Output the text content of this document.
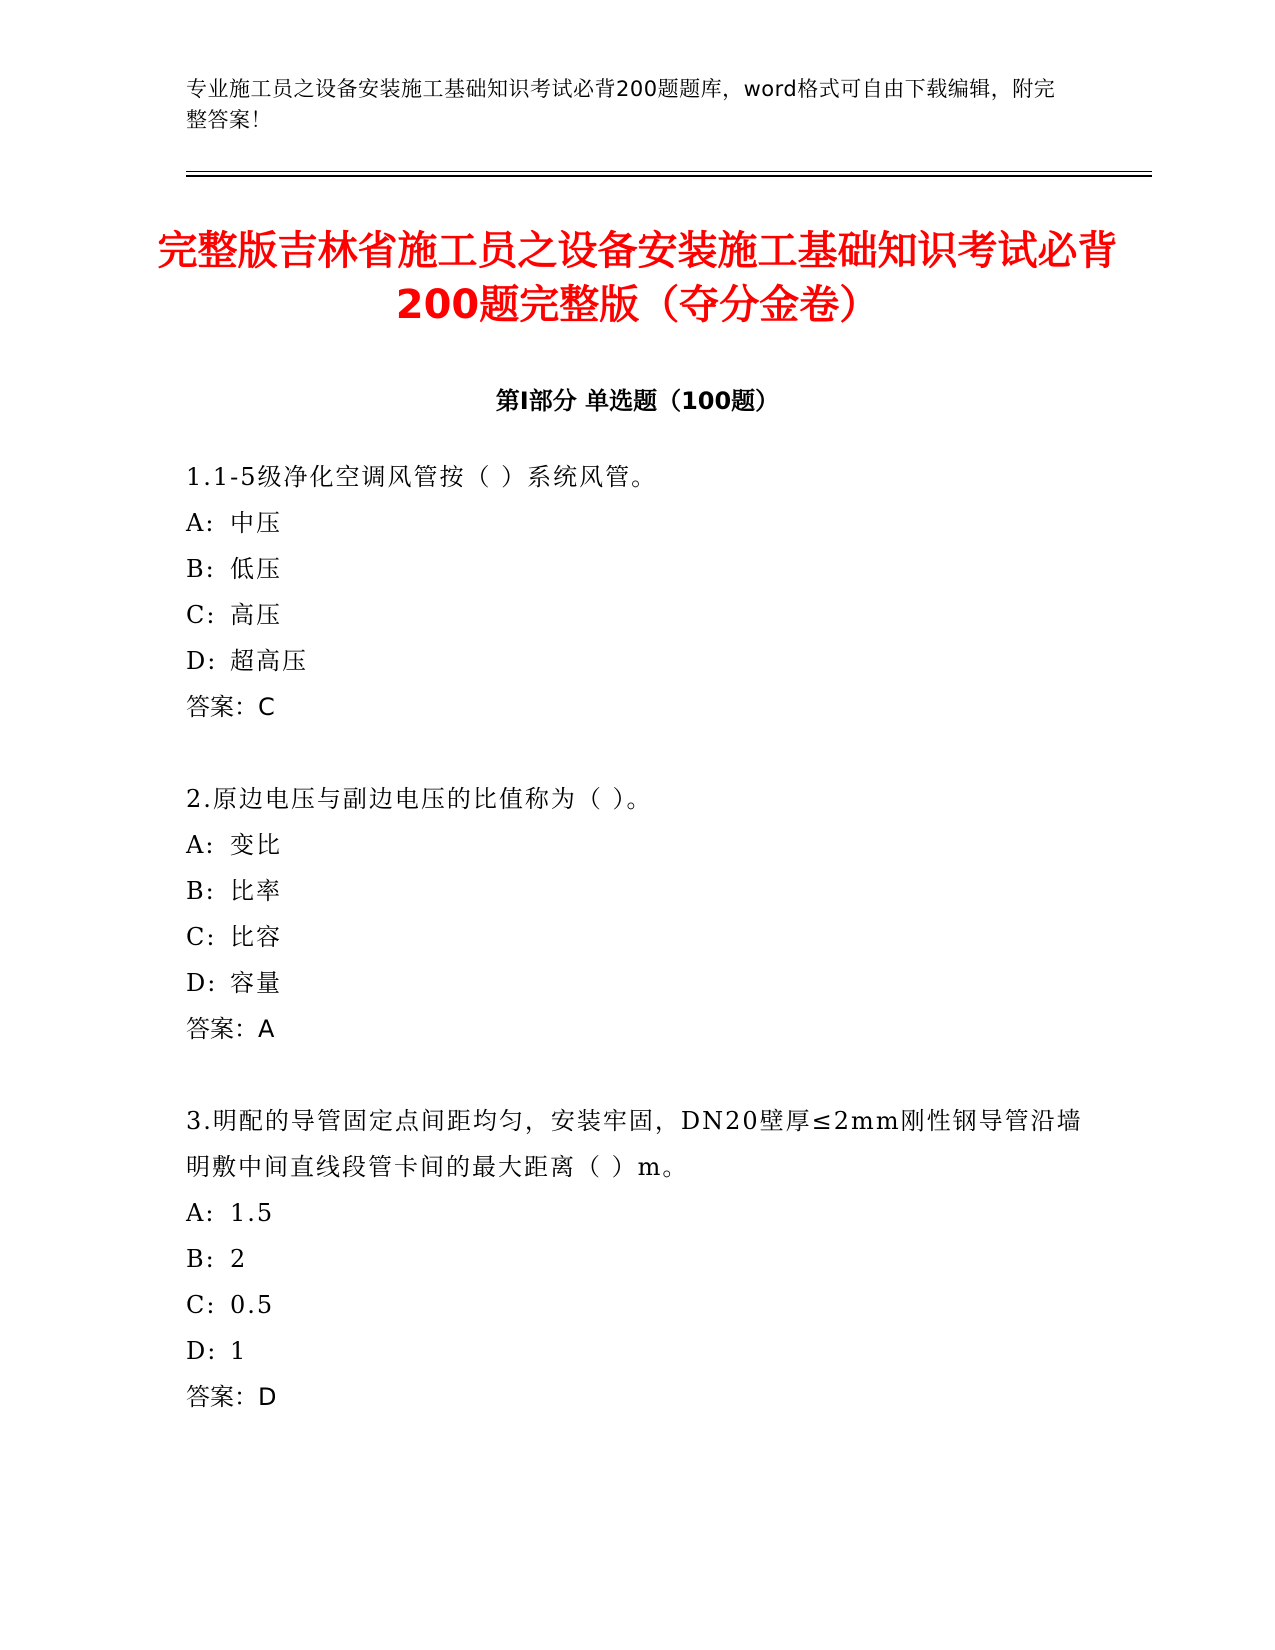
专业施工员之设备安装施工基础知识考试必背200题题库，word格式可自由下载编辑，附完整答案！
完整版吉林省施工员之设备安装施工基础知识考试必背200题完整版（夺分金卷）
第Ⅰ部分 单选题（100题）
1.1-5级净化空调风管按（ ）系统风管。
A: 中压
B: 低压
C: 高压
D: 超高压
答案：C
2.原边电压与副边电压的比值称为（ ）。
A: 变比
B: 比率
C: 比容
D: 容量
答案：A
3.明配的导管固定点间距均匀，安装牢固，DN20壁厚≤2mm刚性钢导管沿墙明敷中间直线段管卡间的最大距离（ ）m。
A: 1.5
B: 2
C: 0.5
D: 1
答案：D
